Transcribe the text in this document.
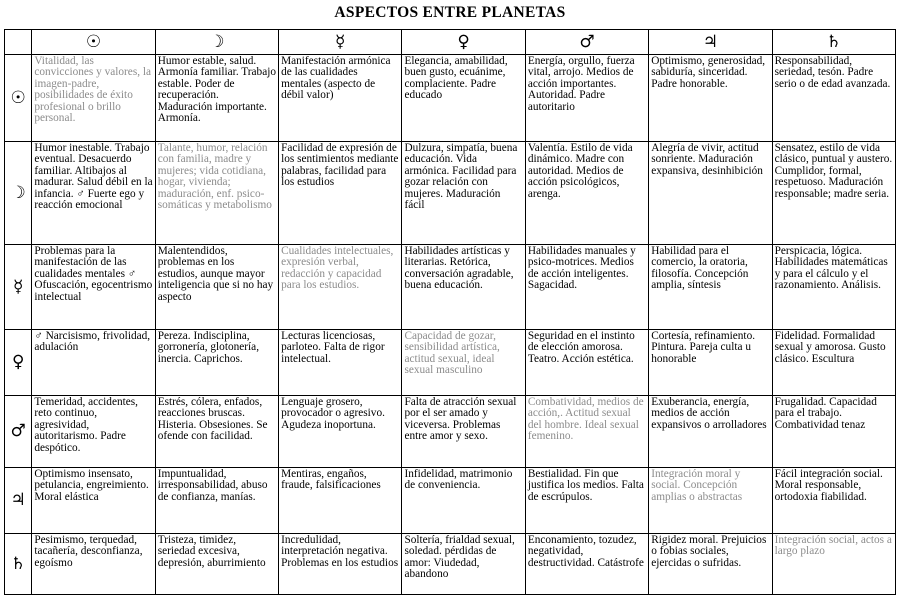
ASPECTOS ENTRE PLANETAS
	☉	☽	☿	♀	♂	♃	♄
☉	Vitalidad, las convicciones y valores, la imagen-padre, posibilidades de éxito profesional o brillo personal.	Humor estable, salud. Armonía familiar. Trabajo estable. Poder de recuperación. Maduración importante. Armonía.	Manifestación armónica de las cualidades mentales (aspecto de débil valor)	Elegancia, amabilidad, buen gusto, ecuánime, complaciente. Padre educado	Energía, orgullo, fuerza vital, arrojo. Medios de acción importantes. Autoridad. Padre autoritario	Optimismo, generosidad, sabiduría, sinceridad. Padre honorable.	Responsabilidad, seriedad, tesón. Padre serio o de edad avanzada.

☽	Humor inestable. Trabajo eventual. Desacuerdo familiar. Altibajos al madurar. Salud débil en la infancia. ♂ Fuerte ego y reacción emocional	Talante, humor, relación con familia, madre y mujeres; vida cotidiana, hogar, vivienda; maduración, enf. psico-somáticas y metabolismo	Facilidad de expresión de los sentimientos mediante palabras, facilidad para los estudios	Dulzura, simpatía, buena educación. Vida armónica. Facilidad para gozar relación con mujeres. Maduración fácil	Valentía. Estilo de vida dinámico. Madre con autoridad. Medios de acción psicológicos, arenga.	Alegría de vivir, actitud sonriente. Maduración expansiva, desinhibición	Sensatez, estilo de vida clásico, puntual y austero. Cumplidor, formal, respetuoso. Maduración responsable; madre seria.

☿	Problemas para la manifestación de las cualidades mentales ♂ Ofuscación, egocentrismo intelectual	Malentendidos, problemas en los estudios, aunque mayor inteligencia que si no hay aspecto	Cualidades intelectuales, expresión verbal, redacción y capacidad para los estudios.	Habilidades artísticas y literarias. Retórica, conversación agradable, buena educación.	Habilidades manuales y psico-motrices. Medios de acción inteligentes. Sagacidad.	Habilidad para el comercio, la oratoria, filosofía. Concepción amplia, síntesis	Perspicacia, lógica. Habilidades matemáticas y para el cálculo y el razonamiento. Análisis.

♀	♂ Narcisismo, frivolidad, adulación	Pereza. Indisciplina, gorronería, glotonería, inercia. Caprichos.	Lecturas licenciosas, parloteo. Falta de rigor intelectual.	Capacidad de gozar, sensibilidad artística, actitud sexual, ideal sexual masculino	Seguridad en el instinto de elección amorosa. Teatro. Acción estética.	Cortesía, refinamiento. Pintura. Pareja culta u honorable	Fidelidad. Formalidad sexual y amorosa. Gusto clásico. Escultura

♂	Temeridad, accidentes, reto continuo, agresividad, autoritarismo. Padre despótico.	Estrés, cólera, enfados, reacciones bruscas. Histeria. Obsesiones. Se ofende con facilidad.	Lenguaje grosero, provocador o agresivo. Agudeza inoportuna.	Falta de atracción sexual por el ser amado y viceversa. Problemas entre amor y sexo.	Combatividad, medios de acción,. Actitud sexual del hombre. Ideal sexual femenino.	Exuberancia, energía, medios de acción expansivos o arrolladores	Frugalidad. Capacidad para el trabajo. Combatividad tenaz

♃	Optimismo insensato, petulancia, engreimiento. Moral elástica	Impuntualidad, irresponsabilidad, abuso de confianza, manías.	Mentiras, engaños, fraude, falsificaciones	Infidelidad, matrimonio de conveniencia.	Bestialidad. Fin que justifica los medios. Falta de escrúpulos.	Integración moral y social. Concepción amplias o abstractas	Fácil integración social. Moral responsable, ortodoxia fiabilidad.

♄	Pesimismo, terquedad, tacañería, desconfianza, egoísmo	Tristeza, timidez, seriedad excesiva, depresión, aburrimiento	Incredulidad, interpretación negativa. Problemas en los estudios	Soltería, frialdad sexual, soledad. pérdidas de amor: Viudedad, abandono	Enconamiento, tozudez, negatividad, destructividad. Catástrofe	Rigidez moral. Prejuicios o fobias sociales, ejercidas o sufridas.	Integración social, actos a largo plazo
